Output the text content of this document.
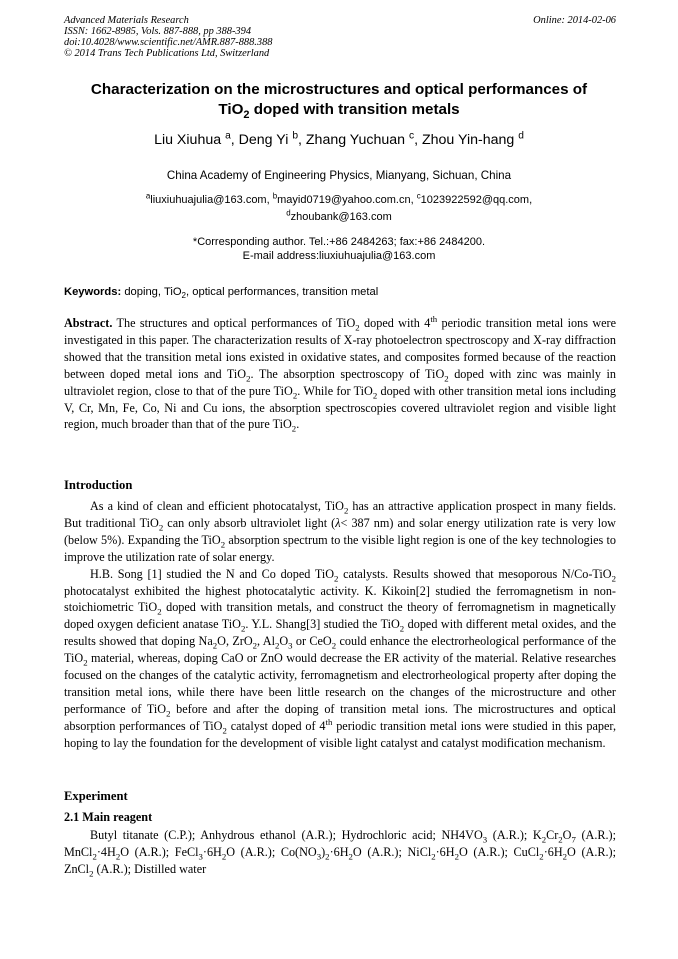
Advanced Materials Research
ISSN: 1662-8985, Vols. 887-888, pp 388-394
doi:10.4028/www.scientific.net/AMR.887-888.388
© 2014 Trans Tech Publications Ltd, Switzerland
Online: 2014-02-06
Characterization on the microstructures and optical performances of
TiO$_2$ doped with transition metals
Liu Xiuhua $^a$, Deng Yi $^b$, Zhang Yuchuan $^c$, Zhou Yin-hang $^d$
China Academy of Engineering Physics, Mianyang, Sichuan, China
$^a$liuxiuhuajulia@163.com, $^b$mayid0719@yahoo.com.cn, $^c$1023922592@qq.com,
$^d$zhoubank@163.com
*Corresponding author. Tel.:+86 2484263; fax:+86 2484200.
E-mail address:liuxiuhuajulia@163.com
Keywords: doping, TiO$_2$, optical performances, transition metal
Abstract. The structures and optical performances of TiO$_2$ doped with 4th periodic transition metal ions were investigated in this paper. The characterization results of X-ray photoelectron spectroscopy and X-ray diffraction showed that the transition metal ions existed in oxidative states, and composites formed because of the reaction between doped metal ions and TiO$_2$. The absorption spectroscopy of TiO$_2$ doped with zinc was mainly in ultraviolet region, close to that of the pure TiO$_2$. While for TiO$_2$ doped with other transition metal ions including V, Cr, Mn, Fe, Co, Ni and Cu ions, the absorption spectroscopies covered ultraviolet region and visible light region, much broader than that of the pure TiO$_2$.
Introduction

As a kind of clean and efficient photocatalyst, TiO$_2$ has an attractive application prospect in many fields. But traditional TiO$_2$ can only absorb ultraviolet light (λ< 387 nm) and solar energy utilization rate is very low (below 5%). Expanding the TiO$_2$ absorption spectrum to the visible light region is one of the key technologies to improve the utilization rate of solar energy.

H.B. Song [1] studied the N and Co doped TiO$_2$ catalysts. Results showed that mesoporous N/Co-TiO$_2$ photocatalyst exhibited the highest photocatalytic activity. K. Kikoin[2] studied the ferromagnetism in non-stoichiometric TiO$_2$ doped with transition metals, and construct the theory of ferromagnetism in magnetically doped oxygen deficient anatase TiO$_2$. Y.L. Shang[3] studied the TiO$_2$ doped with different metal oxides, and the results showed that doping $Na_2O$, ZrO$_2$, $Al_2O_3$ or CeO$_2$ could enhance the electrorheological performance of the TiO$_2$ material, whereas, doping CaO or ZnO would decrease the ER activity of the material. Relative researches focused on the changes of the catalytic activity, ferromagnetism and electrorheological property after doping the transition metal ions, while there have been little research on the changes of the microstructure and other performance of TiO$_2$ before and after the doping of transition metal ions. The microstructures and optical absorption performances of TiO$_2$ catalyst doped of 4th periodic transition metal ions were studied in this paper, hoping to lay the foundation for the development of visible light catalyst and catalyst modification mechanism.

Experiment
2.1 Main reagent
Butyl titanate (C.P.); Anhydrous ethanol (A.R.); Hydrochloric acid; $NH4VO_3$ (A.R.); $K_2Cr_2O_7$ (A.R.); $MnCl_2\cdot 4H_2O$ (A.R.); $FeCl_3\cdot 6H_2O$ (A.R.); $Co(NO_3)_2\cdot 6H_2O$ (A.R.); $NiCl_2\cdot 6H_2O$ (A.R.); $CuCl_2\cdot 6H_2O$ (A.R.); ZnCl$_2$ (A.R.); Distilled water
